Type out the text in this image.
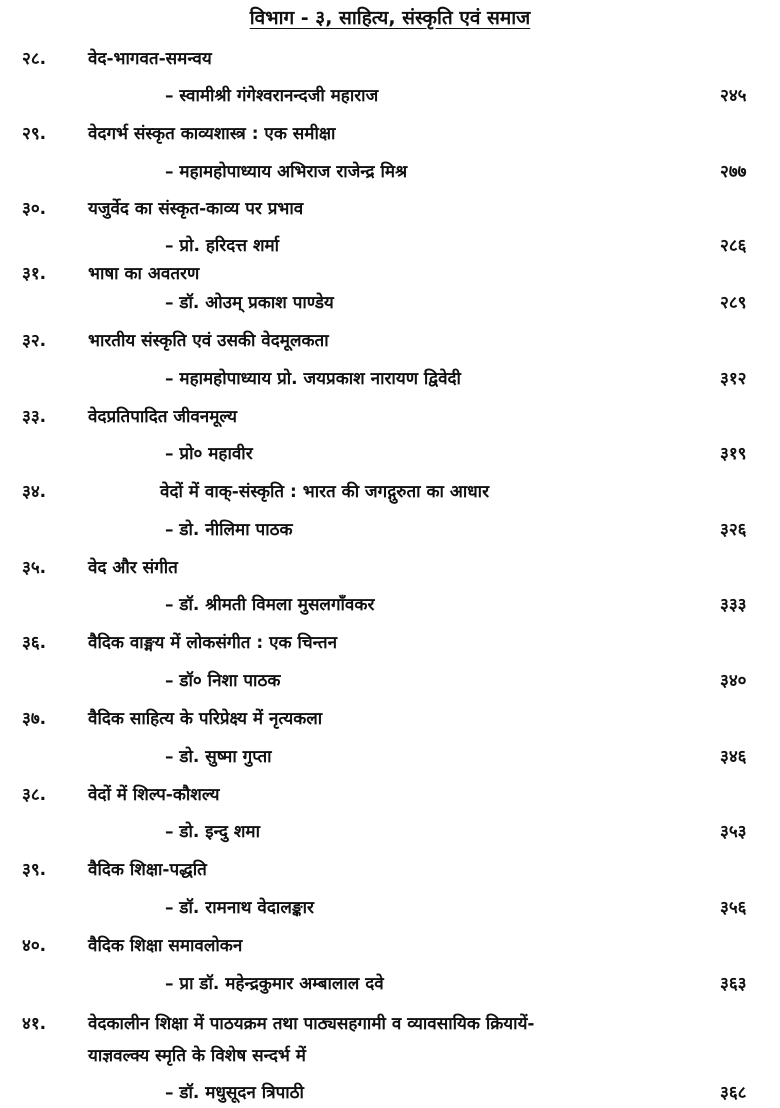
विभाग - ३, साहित्य, संस्कृति एवं समाज
२८. वेद-भागवत-समन्वय
– स्वामीश्री गंगेश्वरानन्दजी महाराज	२४५
२९. वेदगर्भ संस्कृत काव्यशास्त्र : एक समीक्षा
– महामहोपाध्याय अभिराज राजेन्द्र मिश्र	२७७
३०. यजुर्वेद का संस्कृत-काव्य पर प्रभाव
– प्रो. हरिदत्त शर्मा	२८६
३१. भाषा का अवतरण
– डॉ. ओउम् प्रकाश पाण्डेय	२८९
३२. भारतीय संस्कृति एवं उसकी वेदमूलकता
– महामहोपाध्याय प्रो. जयप्रकाश नारायण द्विवेदी	३१२
३३. वेदप्रतिपादित जीवनमूल्य
– प्रो० महावीर	३१९
३४.	वेदों में वाक्-संस्कृति : भारत की जगद्गुरुता का आधार
– डो. नीलिमा पाठक	३२६
३५. वेद और संगीत
– डॉ. श्रीमती विमला मुसलगाँवकर	३३३
३६. वैदिक वाङ्मय में लोकसंगीत : एक चिन्तन
– डॉ० निशा पाठक	३४०
३७. वैदिक साहित्य के परिप्रेक्ष्य में नृत्यकला
– डो. सुष्मा गुप्ता	३४६
३८. वेदों में शिल्प-कौशल्य
– डो. इन्दु शमा	३५३
३९. वैदिक शिक्षा-पद्धति
– डॉ. रामनाथ वेदालङ्कार	३५६
४०. वैदिक शिक्षा समावलोकन
– प्रा डॉ. महेन्द्रकुमार अम्बालाल दवे	३६३
४१. वेदकालीन शिक्षा में पाठयक्रम तथा पाठ्यसहगामी व व्यावसायिक क्रियायें-
याज्ञवल्क्य स्मृति के विशेष सन्दर्भ में
– डॉ. मधुसूदन त्रिपाठी	३६८
